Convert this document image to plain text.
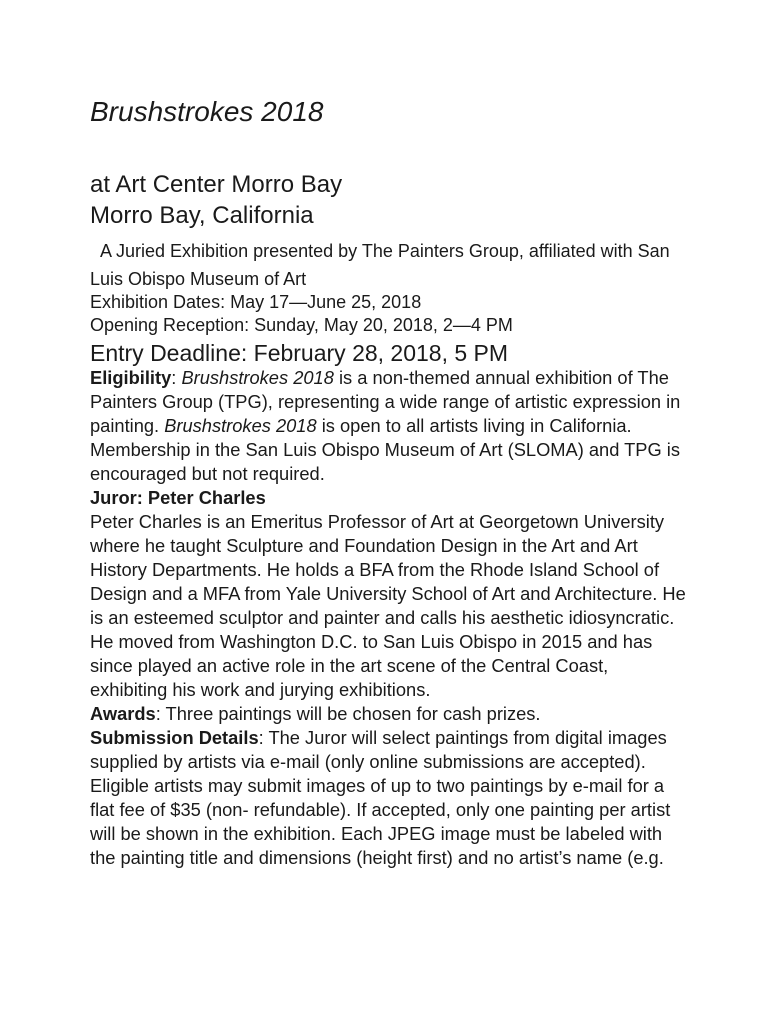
Brushstrokes 2018
at Art Center Morro Bay
Morro Bay, California

A Juried Exhibition presented by The Painters Group, affiliated with San Luis Obispo Museum of Art

Exhibition Dates: May 17—June 25, 2018
Opening Reception: Sunday, May 20, 2018, 2—4 PM
Entry Deadline: February 28, 2018, 5 PM

Eligibility: Brushstrokes 2018 is a non-themed annual exhibition of The Painters Group (TPG), representing a wide range of artistic expression in painting. Brushstrokes 2018 is open to all artists living in California. Membership in the San Luis Obispo Museum of Art (SLOMA) and TPG is encouraged but not required.

Juror: Peter Charles

Peter Charles is an Emeritus Professor of Art at Georgetown University where he taught Sculpture and Foundation Design in the Art and Art History Departments. He holds a BFA from the Rhode Island School of Design and a MFA from Yale University School of Art and Architecture. He is an esteemed sculptor and painter and calls his aesthetic idiosyncratic. He moved from Washington D.C. to San Luis Obispo in 2015 and has since played an active role in the art scene of the Central Coast, exhibiting his work and jurying exhibitions.

Awards: Three paintings will be chosen for cash prizes.

Submission Details: The Juror will select paintings from digital images supplied by artists via e-mail (only online submissions are accepted). Eligible artists may submit images of up to two paintings by e-mail for a flat fee of $35 (non- refundable). If accepted, only one painting per artist will be shown in the exhibition. Each JPEG image must be labeled with the painting title and dimensions (height first) and no artist’s name (e.g.
